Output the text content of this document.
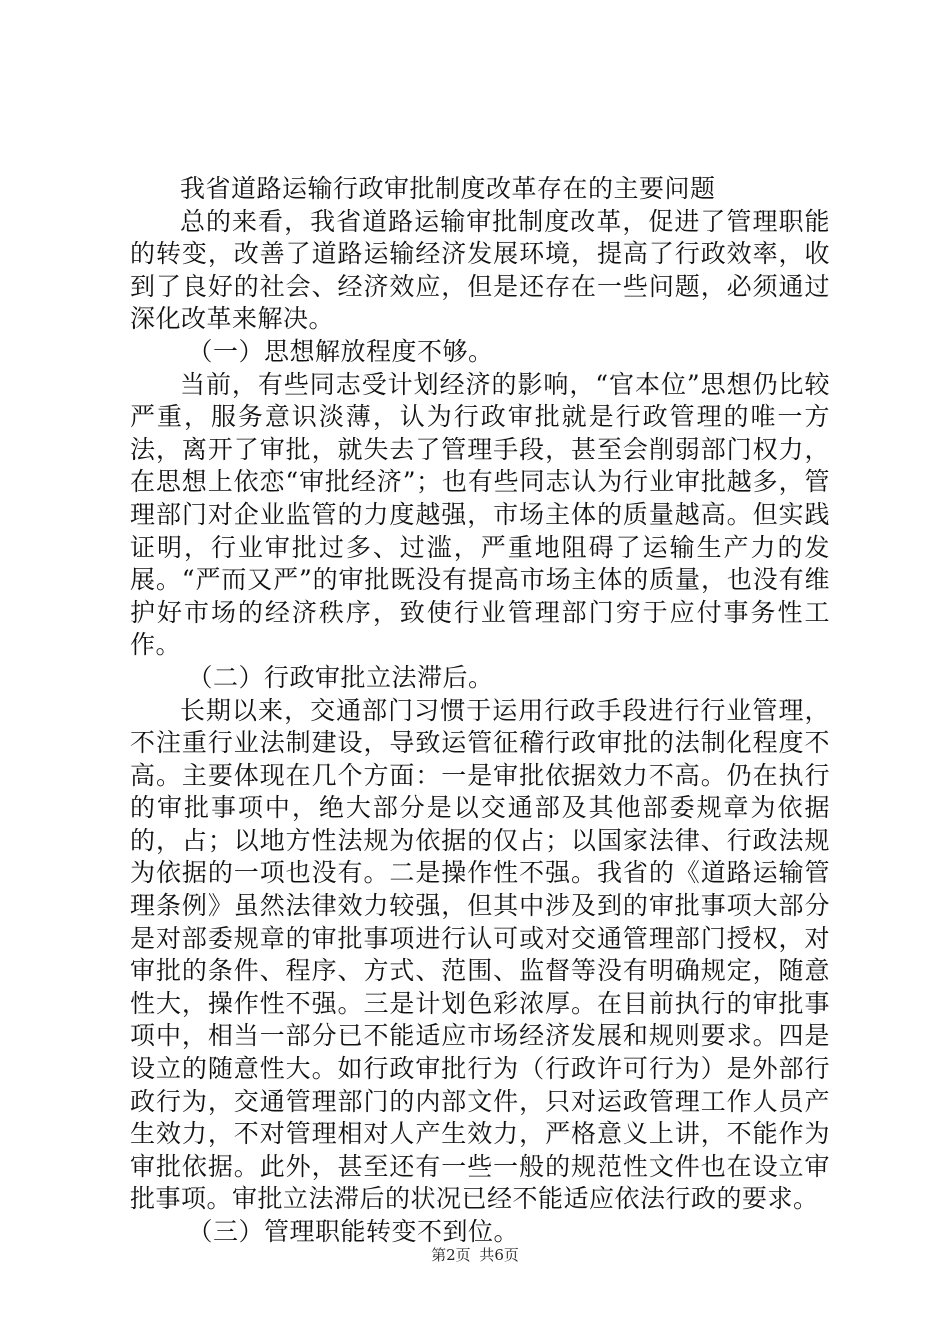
我省道路运输行政审批制度改革存在的主要问题

总的来看，我省道路运输审批制度改革，促进了管理职能的转变，改善了道路运输经济发展环境，提高了行政效率，收到了良好的社会、经济效应，但是还存在一些问题，必须通过深化改革来解决。

（一）思想解放程度不够。

当前，有些同志受计划经济的影响，“官本位”思想仍比较严重，服务意识淡薄，认为行政审批就是行政管理的唯一方法，离开了审批，就失去了管理手段，甚至会削弱部门权力，在思想上依恋“审批经济”；也有些同志认为行业审批越多，管理部门对企业监管的力度越强，市场主体的质量越高。但实践证明，行业审批过多、过滥，严重地阻碍了运输生产力的发展。“严而又严”的审批既没有提高市场主体的质量，也没有维护好市场的经济秩序，致使行业管理部门穷于应付事务性工作。

（二）行政审批立法滞后。

长期以来，交通部门习惯于运用行政手段进行行业管理，不注重行业法制建设，导致运管征稽行政审批的法制化程度不高。主要体现在几个方面：一是审批依据效力不高。仍在执行的审批事项中，绝大部分是以交通部及其他部委规章为依据的，占；以地方性法规为依据的仅占；以国家法律、行政法规为依据的一项也没有。二是操作性不强。我省的《道路运输管理条例》虽然法律效力较强，但其中涉及到的审批事项大部分是对部委规章的审批事项进行认可或对交通管理部门授权，对审批的条件、程序、方式、范围、监督等没有明确规定，随意性大，操作性不强。三是计划色彩浓厚。在目前执行的审批事项中，相当一部分已不能适应市场经济发展和规则要求。四是设立的随意性大。如行政审批行为（行政许可行为）是外部行政行为，交通管理部门的内部文件，只对运政管理工作人员产生效力，不对管理相对人产生效力，严格意义上讲，不能作为审批依据。此外，甚至还有一些一般的规范性文件也在设立审批事项。审批立法滞后的状况已经不能适应依法行政的要求。

（三）管理职能转变不到位。

第2页 共6页
